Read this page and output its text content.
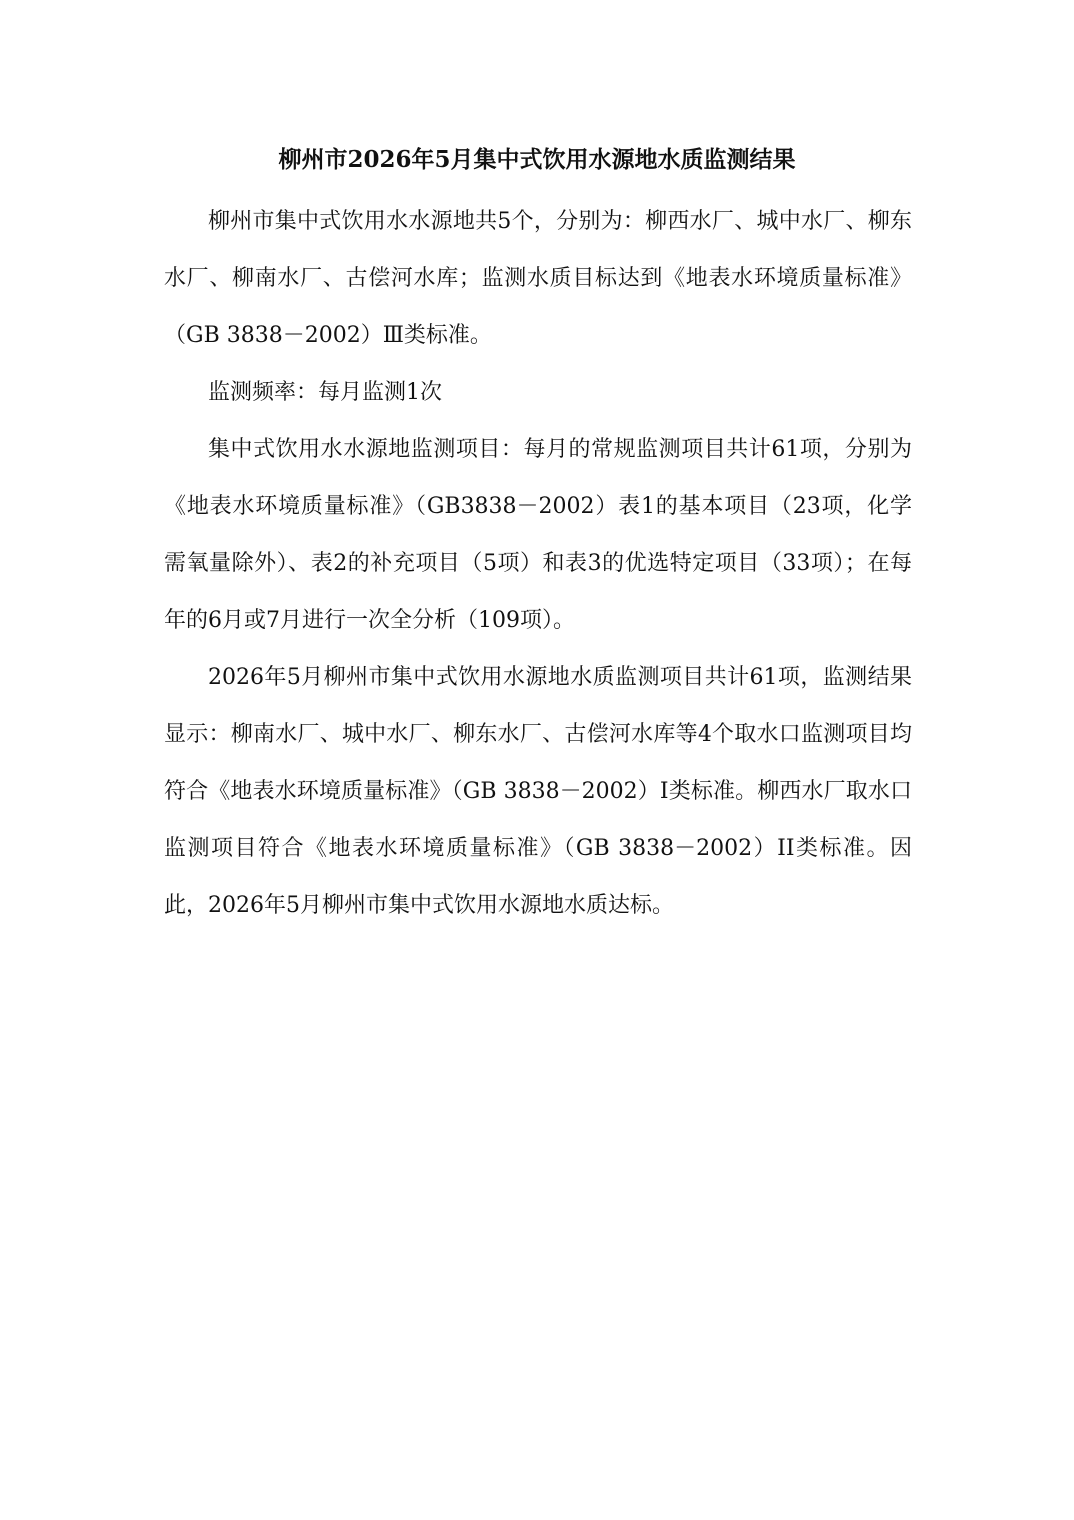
柳州市2026年5月集中式饮用水源地水质监测结果

柳州市集中式饮用水水源地共5个，分别为：柳西水厂、城中水厂、柳东水厂、柳南水厂、古偿河水库；监测水质目标达到《地表水环境质量标准》（GB 3838－2002）Ⅲ类标准。

监测频率：每月监测1次

集中式饮用水水源地监测项目：每月的常规监测项目共计61项，分别为《地表水环境质量标准》（GB3838－2002）表1的基本项目（23项，化学需氧量除外）、表2的补充项目（5项）和表3的优选特定项目（33项）；在每年的6月或7月进行一次全分析（109项）。

2026年5月柳州市集中式饮用水源地水质监测项目共计61项，监测结果显示：柳南水厂、城中水厂、柳东水厂、古偿河水库等4个取水口监测项目均符合《地表水环境质量标准》（GB 3838－2002）I类标准。柳西水厂取水口监测项目符合《地表水环境质量标准》（GB 3838－2002）II类标准。因此，2026年5月柳州市集中式饮用水源地水质达标。
